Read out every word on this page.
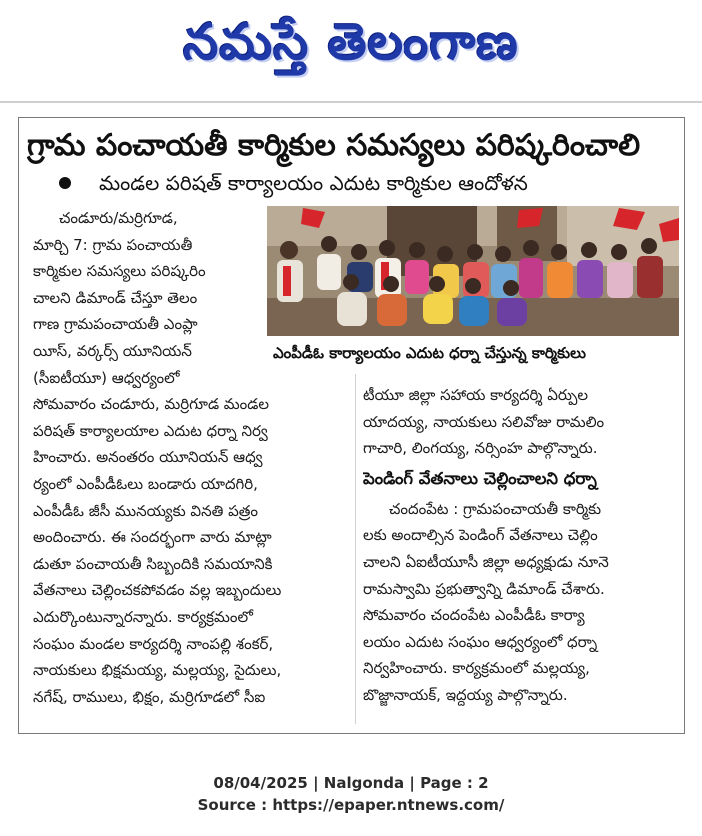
నమస్తే తెలంగాణ
గ్రామ పంచాయతీ కార్మికుల సమస్యలు పరిష్కరించాలి
మండల పరిషత్ కార్యాలయం ఎదుట కార్మికుల ఆందోళన
చండూరు/మర్రిగూడ,
మార్చి 7: గ్రామ పంచాయతీ
కార్మికుల సమస్యలు పరిష్కరిం
చాలని డిమాండ్ చేస్తూ తెలం
గాణ గ్రామపంచాయతీ ఎంప్లా
యీస్, వర్కర్స్ యూనియన్
(సీఐటీయూ) ఆధ్వర్యంలో
సోమవారం చండూరు, మర్రిగూడ మండల
పరిషత్ కార్యాలయాల ఎదుట ధర్నా నిర్వ
హించారు. అనంతరం యూనియన్ ఆధ్వ
ర్యంలో ఎంపీడీఓలు బండారు యాదగిరి,
ఎంపీడీఓ జీసీ మునయ్యకు వినతి పత్రం
అందించారు. ఈ సందర్భంగా వారు మాట్లా
డుతూ పంచాయతీ సిబ్బందికి సమయానికి
వేతనాలు చెల్లించకపోవడం వల్ల ఇబ్బందులు
ఎదుర్కొంటున్నారన్నారు. కార్యక్రమంలో
సంఘం మండల కార్యదర్శి నాంపల్లి శంకర్,
నాయకులు భిక్షమయ్య, మల్లయ్య, సైదులు,
నగేష్, రాములు, భిక్షం, మర్రిగూడలో సీఐ
ఎంపీడీఓ కార్యాలయం ఎదుట ధర్నా చేస్తున్న కార్మికులు
టీయూ జిల్లా సహాయ కార్యదర్శి ఏర్పుల
యాదయ్య, నాయకులు సలివోజు రామలిం
గాచారి, లింగయ్య, నర్సింహ పాల్గొన్నారు.
పెండింగ్ వేతనాలు చెల్లించాలని ధర్నా
చందంపేట : గ్రామపంచాయతీ కార్మికు
లకు అందాల్సిన పెండింగ్ వేతనాలు చెల్లిం
చాలని ఏఐటీయూసీ జిల్లా అధ్యక్షుడు నూనె
రామస్వామి ప్రభుత్వాన్ని డిమాండ్ చేశారు.
సోమవారం చందంపేట ఎంపీడీఓ కార్యా
లయం ఎదుట సంఘం ఆధ్వర్యంలో ధర్నా
నిర్వహించారు. కార్యక్రమంలో మల్లయ్య,
బొజ్జానాయక్, ఇద్దయ్య పాల్గొన్నారు.
08/04/2025 | Nalgonda | Page : 2
Source : https://epaper.ntnews.com/
